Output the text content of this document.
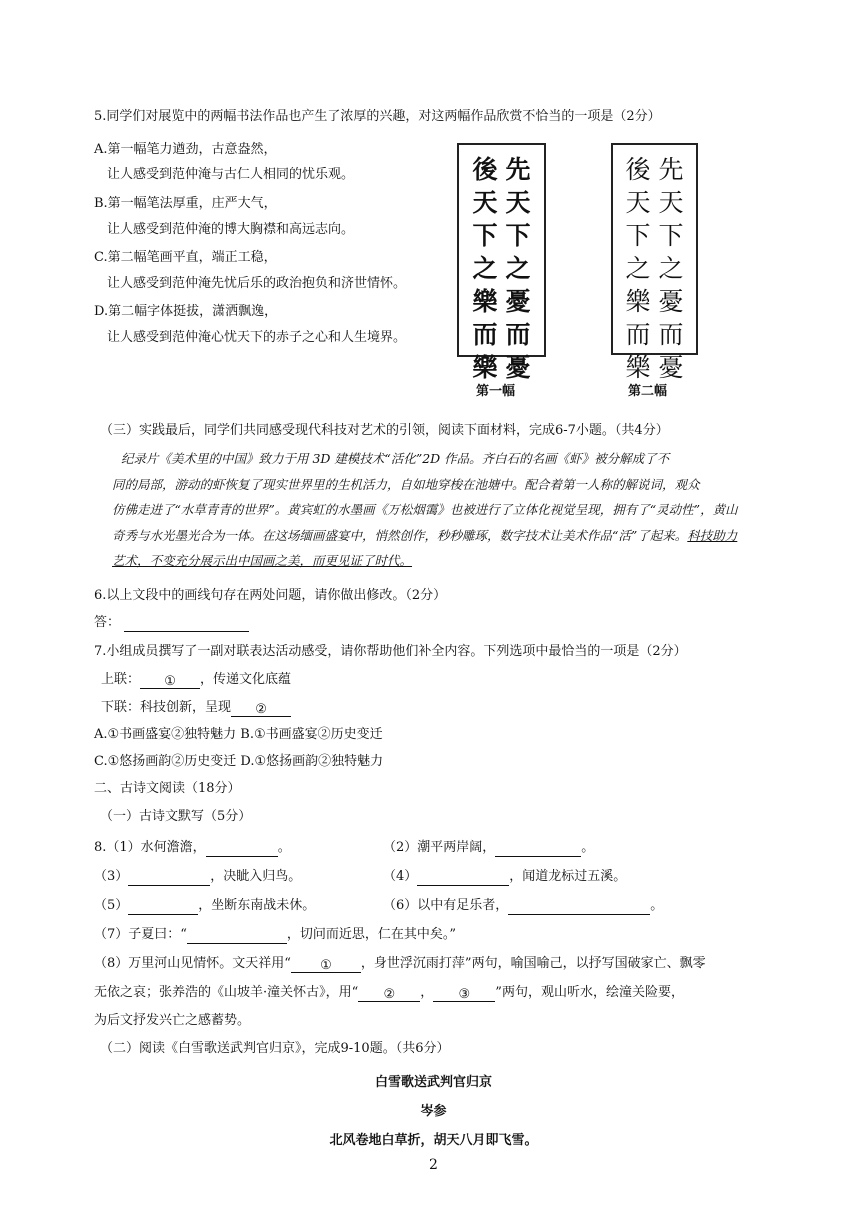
5.同学们对展览中的两幅书法作品也产生了浓厚的兴趣，对这两幅作品欣赏不恰当的一项是（2分）
A.第一幅笔力遒劲，古意盎然，
让人感受到范仲淹与古仁人相同的忧乐观。
B.第一幅笔法厚重，庄严大气，
让人感受到范仲淹的博大胸襟和高远志向。
C.第二幅笔画平直，端正工稳，
让人感受到范仲淹先忧后乐的政治抱负和济世情怀。
D.第二幅字体挺拔，潇洒飘逸，
让人感受到范仲淹心忧天下的赤子之心和人生境界。
先
天
下
之
憂
而
憂
後
天
下
之
樂
而
樂
先
天
下
之
憂
而
憂
後
天
下
之
樂
而
樂
第一幅	第二幅
（三）实践最后，同学们共同感受现代科技对艺术的引领，阅读下面材料，完成6-7小题。（共4分）
纪录片《美术里的中国》致力于用 3D 建模技术“活化”2D 作品。齐白石的名画《虾》被分解成了不
同的局部，游动的虾恢复了现实世界里的生机活力，自如地穿梭在池塘中。配合着第一人称的解说词，观众
仿佛走进了“水草青青的世界”。黄宾虹的水墨画《万松烟霭》也被进行了立体化视觉呈现，拥有了“灵动性”，黄山
奇秀与水光墨光合为一体。在这场缅画盛宴中，悄然创作，秒秒雕琢，数字技术让美术作品“活”了起来。科技助力
艺术，不变充分展示出中国画之美，而更见证了时代。
6.以上文段中的画线句存在两处问题，请你做出修改。（2分）
答：
7.小组成员撰写了一副对联表达活动感受，请你帮助他们补全内容。下列选项中最恰当的一项是（2分）
上联： ① ，传递文化底蕴
下联：科技创新，呈现 ②
A.①书画盛宴②独特魅力 B.①书画盛宴②历史变迁
C.①悠扬画韵②历史变迁 D.①悠扬画韵②独特魅力
二、古诗文阅读（18分）
（一）古诗文默写（5分）
8.（1）水何澹澹，	。	（2）潮平两岸阔，	。
（3）	，决眦入归鸟。	（4）	，闻道龙标过五溪。
（5）	，坐断东南战未休。	（6）以中有足乐者，	。
（7）子夏曰：“	，切问而近思，仁在其中矣。”
（8）万里河山见情怀。文天祥用“ ① ，身世浮沉雨打萍”两句，喻国喻己，以抒写国破家亡、飘零
无依之哀；张养浩的《山坡羊·潼关怀古》，用“ ② ， ③ ”两句，观山听水，绘潼关险要，
为后文抒发兴亡之感蓄势。
（二）阅读《白雪歌送武判官归京》，完成9-10题。（共6分）
白雪歌送武判官归京
岑参
北风卷地白草折，胡天八月即飞雪。
2
